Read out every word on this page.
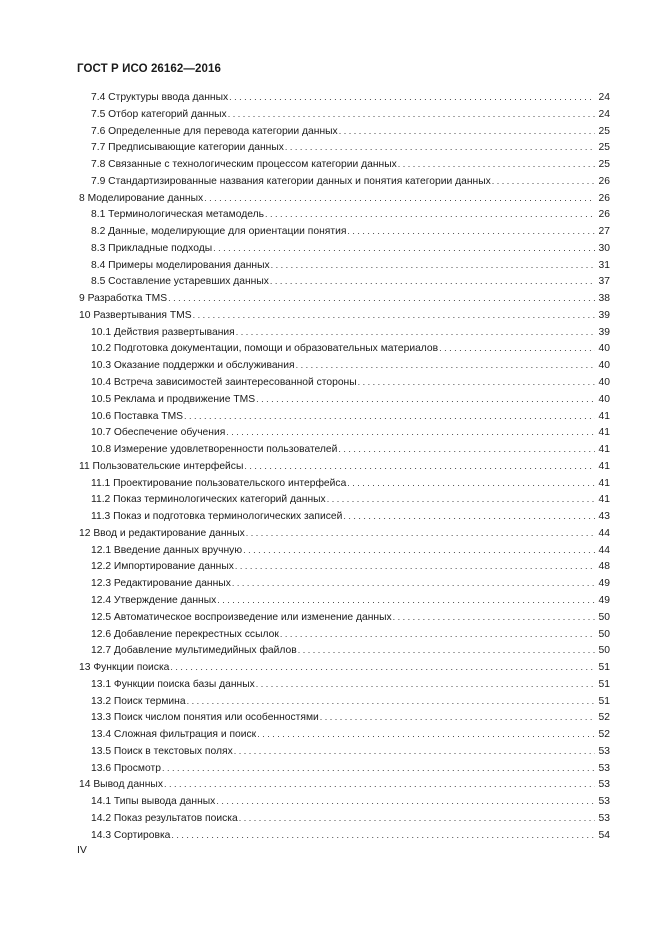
ГОСТ Р ИСО 26162—2016
7.4 Структуры ввода данных . . .	24
7.5 Отбор категорий данных . . .	24
7.6 Определенные для перевода категории данных . . .	25
7.7 Предписывающие категории данных . . .	25
7.8 Связанные с технологическим процессом категории данных . . .	25
7.9 Стандартизированные названия категории данных и понятия категории данных . . .	26
8 Моделирование данных . . .	26
8.1 Терминологическая метамодель . . .	26
8.2 Данные, моделирующие для ориентации понятия . . .	27
8.3 Прикладные подходы . . .	30
8.4 Примеры моделирования данных . . .	31
8.5 Составление устаревших данных . . .	37
9 Разработка TMS . . .	38
10 Развертывания TMS . . .	39
10.1 Действия развертывания . . .	39
10.2 Подготовка документации, помощи и образовательных материалов . . .	40
10.3 Оказание поддержки и обслуживания . . .	40
10.4 Встреча зависимостей заинтересованной стороны . . .	40
10.5 Реклама и продвижение TMS . . .	40
10.6 Поставка TMS . . .	41
10.7 Обеспечение обучения . . .	41
10.8 Измерение удовлетворенности пользователей . . .	41
11 Пользовательские интерфейсы . . .	41
11.1 Проектирование пользовательского интерфейса . . .	41
11.2 Показ терминологических категорий данных . . .	41
11.3 Показ и подготовка терминологических записей . . .	43
12 Ввод и редактирование данных . . .	44
12.1 Введение данных вручную . . .	44
12.2 Импортирование данных . . .	48
12.3 Редактирование данных . . .	49
12.4 Утверждение данных . . .	49
12.5 Автоматическое воспроизведение или изменение данных . . .	50
12.6 Добавление перекрестных ссылок . . .	50
12.7 Добавление мультимедийных файлов . . .	50
13 Функции поиска . . .	51
13.1 Функции поиска базы данных . . .	51
13.2 Поиск термина . . .	51
13.3 Поиск числом понятия или особенностями . . .	52
13.4 Сложная фильтрация и поиск . . .	52
13.5 Поиск в текстовых полях . . .	53
13.6 Просмотр . . .	53
14 Вывод данных . . .	53
14.1 Типы вывода данных . . .	53
14.2 Показ результатов поиска . . .	53
14.3 Сортировка . . .	54
IV
